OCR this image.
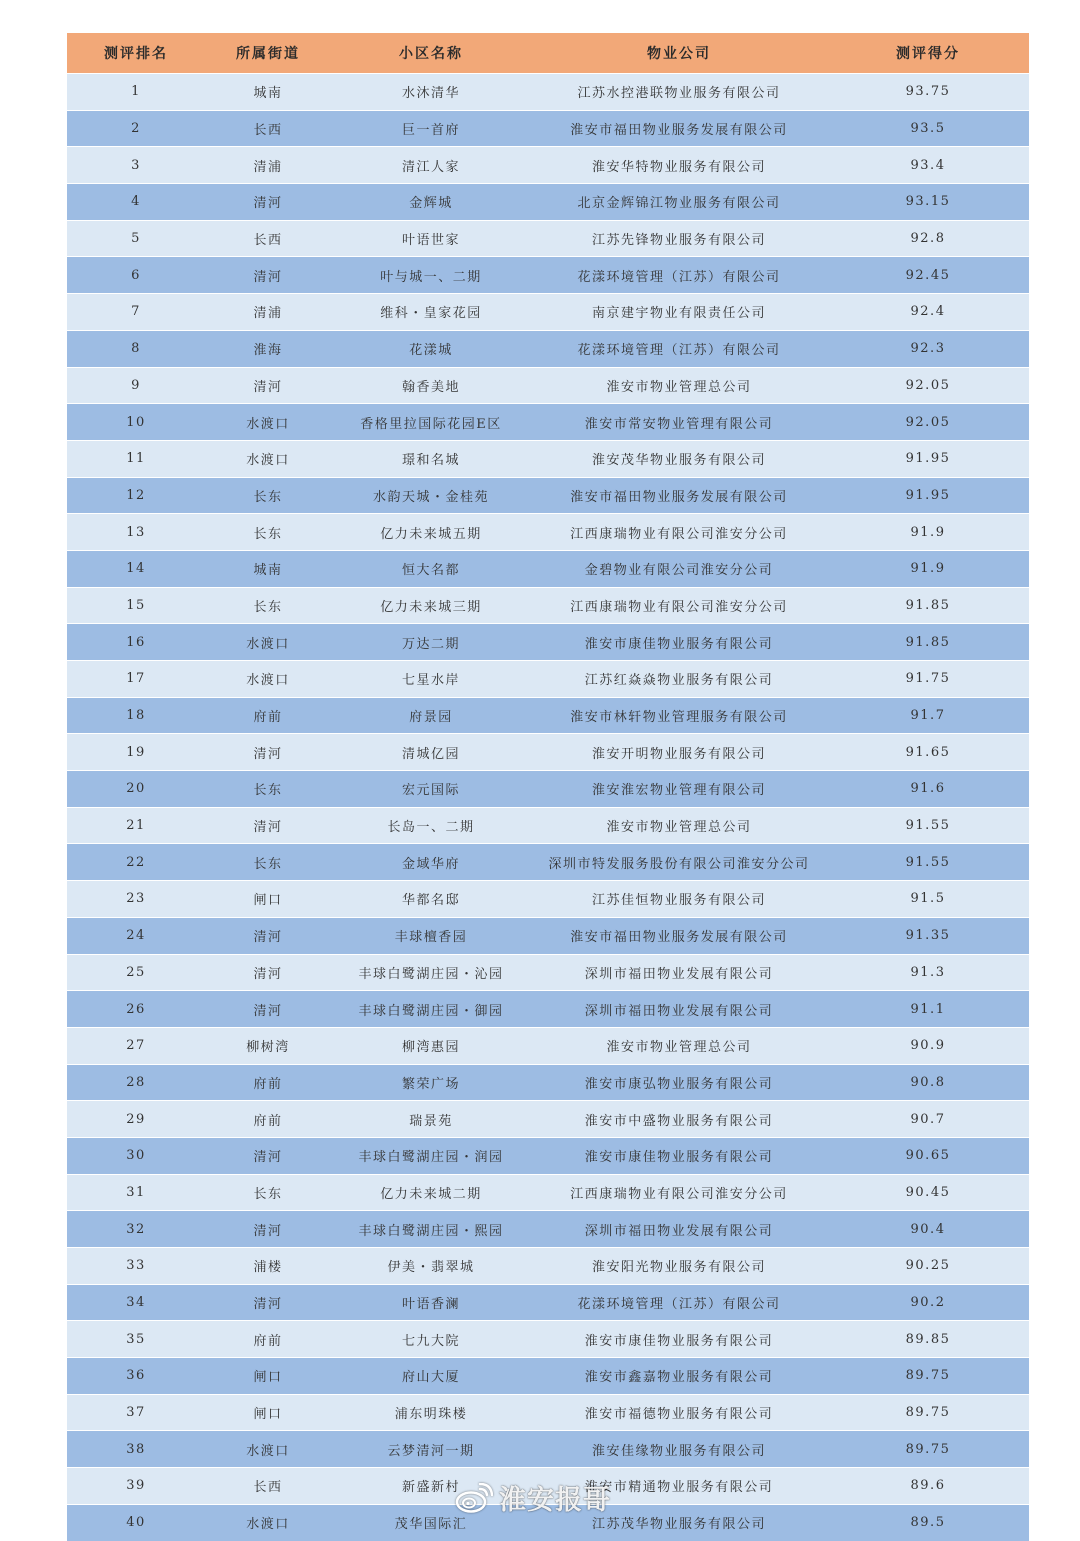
测评排名	所属街道	小区名称	物业公司	测评得分
1	城南	水沐清华	江苏水控港联物业服务有限公司	93.75
2	长西	巨一首府	淮安市福田物业服务发展有限公司	93.5
3	清浦	清江人家	淮安华特物业服务有限公司	93.4
4	清河	金辉城	北京金辉锦江物业服务有限公司	93.15
5	长西	叶语世家	江苏先锋物业服务有限公司	92.8
6	清河	叶与城一、二期	花漾环境管理（江苏）有限公司	92.45
7	清浦	维科・皇家花园	南京建宇物业有限责任公司	92.4
8	淮海	花漾城	花漾环境管理（江苏）有限公司	92.3
9	清河	翰香美地	淮安市物业管理总公司	92.05
10	水渡口	香格里拉国际花园E区	淮安市常安物业管理有限公司	92.05
11	水渡口	璟和名城	淮安茂华物业服务有限公司	91.95
12	长东	水韵天城・金桂苑	淮安市福田物业服务发展有限公司	91.95
13	长东	亿力未来城五期	江西康瑞物业有限公司淮安分公司	91.9
14	城南	恒大名都	金碧物业有限公司淮安分公司	91.9
15	长东	亿力未来城三期	江西康瑞物业有限公司淮安分公司	91.85
16	水渡口	万达二期	淮安市康佳物业服务有限公司	91.85
17	水渡口	七星水岸	江苏红焱焱物业服务有限公司	91.75
18	府前	府景园	淮安市林轩物业管理服务有限公司	91.7
19	清河	清城亿园	淮安开明物业服务有限公司	91.65
20	长东	宏元国际	淮安淮宏物业管理有限公司	91.6
21	清河	长岛一、二期	淮安市物业管理总公司	91.55
22	长东	金域华府	深圳市特发服务股份有限公司淮安分公司	91.55
23	闸口	华都名邸	江苏佳恒物业服务有限公司	91.5
24	清河	丰球檀香园	淮安市福田物业服务发展有限公司	91.35
25	清河	丰球白鹭湖庄园・沁园	深圳市福田物业发展有限公司	91.3
26	清河	丰球白鹭湖庄园・御园	深圳市福田物业发展有限公司	91.1
27	柳树湾	柳湾惠园	淮安市物业管理总公司	90.9
28	府前	繁荣广场	淮安市康弘物业服务有限公司	90.8
29	府前	瑞景苑	淮安市中盛物业服务有限公司	90.7
30	清河	丰球白鹭湖庄园・润园	淮安市康佳物业服务有限公司	90.65
31	长东	亿力未来城二期	江西康瑞物业有限公司淮安分公司	90.45
32	清河	丰球白鹭湖庄园・熙园	深圳市福田物业发展有限公司	90.4
33	浦楼	伊美・翡翠城	淮安阳光物业服务有限公司	90.25
34	清河	叶语香澜	花漾环境管理（江苏）有限公司	90.2
35	府前	七九大院	淮安市康佳物业服务有限公司	89.85
36	闸口	府山大厦	淮安市鑫嘉物业服务有限公司	89.75
37	闸口	浦东明珠楼	淮安市福德物业服务有限公司	89.75
38	水渡口	云梦清河一期	淮安佳缘物业服务有限公司	89.75
39	长西	新盛新村	淮安市精通物业服务有限公司	89.6
40	水渡口	茂华国际汇	江苏茂华物业服务有限公司	89.5
淮安报哥
